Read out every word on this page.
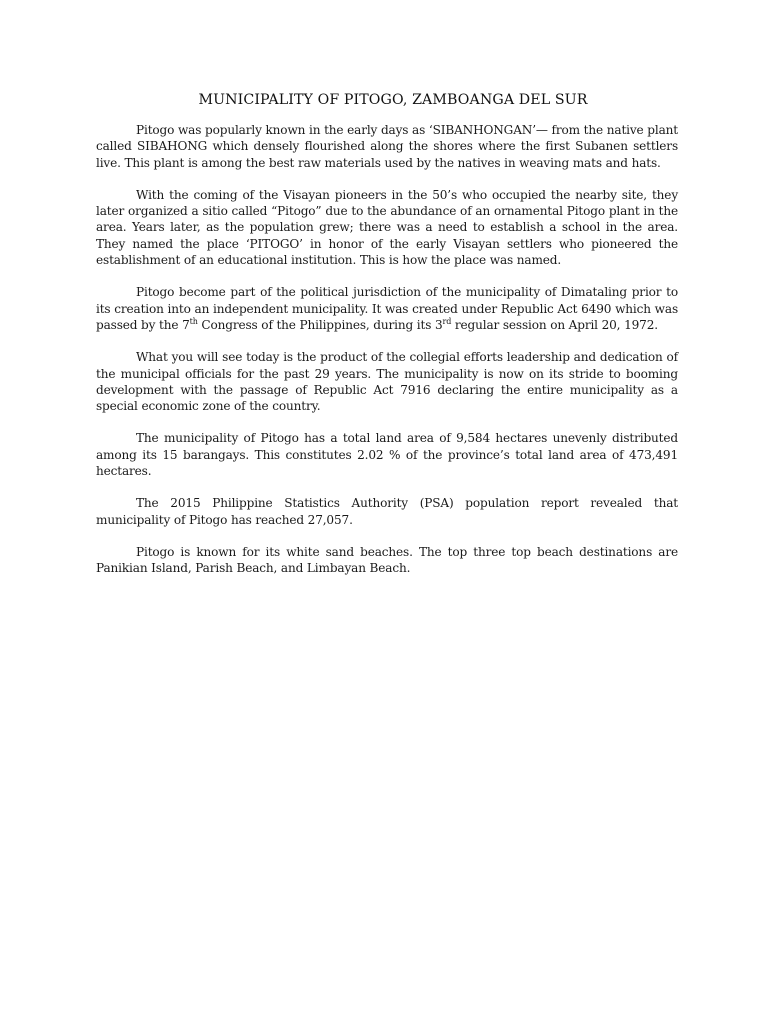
MUNICIPALITY OF PITOGO, ZAMBOANGA DEL SUR

Pitogo was popularly known in the early days as ‘SIBANHONGAN’— from the native plant called SIBAHONG which densely flourished along the shores where the first Subanen settlers live. This plant is among the best raw materials used by the natives in weaving mats and hats.

With the coming of the Visayan pioneers in the 50’s who occupied the nearby site, they later organized a sitio called “Pitogo” due to the abundance of an ornamental Pitogo plant in the area. Years later, as the population grew; there was a need to establish a school in the area. They named the place ‘PITOGO’ in honor of the early Visayan settlers who pioneered the establishment of an educational institution. This is how the place was named.

Pitogo become part of the political jurisdiction of the municipality of Dimataling prior to its creation into an independent municipality. It was created under Republic Act 6490 which was passed by the 7th Congress of the Philippines, during its 3rd regular session on April 20, 1972.

What you will see today is the product of the collegial efforts leadership and dedication of the municipal officials for the past 29 years. The municipality is now on its stride to booming development with the passage of Republic Act 7916 declaring the entire municipality as a special economic zone of the country.

The municipality of Pitogo has a total land area of 9,584 hectares unevenly distributed among its 15 barangays. This constitutes 2.02 % of the province’s total land area of 473,491 hectares.

The 2015 Philippine Statistics Authority (PSA) population report revealed that municipality of Pitogo has reached 27,057.

Pitogo is known for its white sand beaches. The top three top beach destinations are Panikian Island, Parish Beach, and Limbayan Beach.
